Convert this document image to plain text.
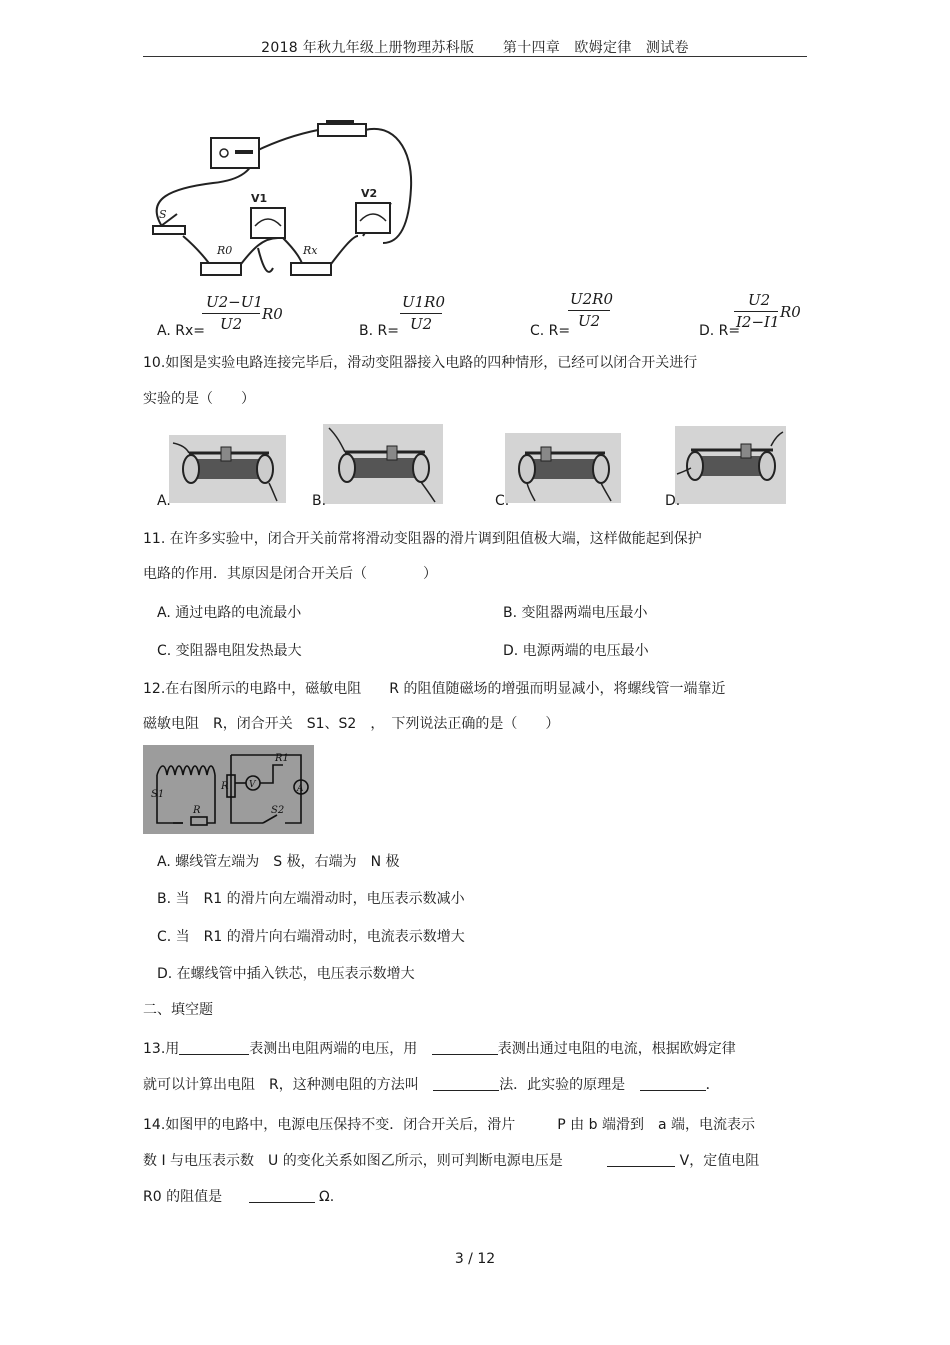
2018 年秋九年级上册物理苏科版　　第十四章　欧姆定律　测试卷
S
V1	V2
R0	Rx
A. Rx=
U2−U1
U2
R0
B. R=
U1R0
U2	C. R=
U2R0
U2
D. R=
U2
I2−I1
R0
10.如图是实验电路连接完毕后，滑动变阻器接入电路的四种情形，已经可以闭合开关进行
实验的是（　　）
A.	B.	C.	D.
11. 在许多实验中，闭合开关前常将滑动变阻器的滑片调到阻值极大端，这样做能起到保护
电路的作用．其原因是闭合开关后（　　　　）
A. 通过电路的电流最小	B. 变阻器两端电压最小
C. 变阻器电阻发热最大	D. 电源两端的电压最小
12.在右图所示的电路中，磁敏电阻　　R 的阻值随磁场的增强而明显减小，将螺线管一端靠近
磁敏电阻　R，闭合开关　S1、S2　，　下列说法正确的是（　　）
S1
R V
R1
A
S2
R
A. 螺线管左端为　S 极，右端为　N 极
B. 当　R1 的滑片向左端滑动时，电压表示数减小
C. 当　R1 的滑片向右端滑动时，电流表示数增大
D. 在螺线管中插入铁芯，电压表示数增大
二、填空题
13.用	表测出电阻两端的电压，用	表测出通过电阻的电流，根据欧姆定律
就可以计算出电阻　R，这种测电阻的方法叫	法．此实验的原理是	．
14.如图甲的电路中，电源电压保持不变．闭合开关后，滑片　　　P 由 b 端滑到　a 端，电流表示
数 I 与电压表示数　U 的变化关系如图乙所示，则可判断电源电压是	V，定值电阻
R0 的阻值是	Ω.
3 / 12
